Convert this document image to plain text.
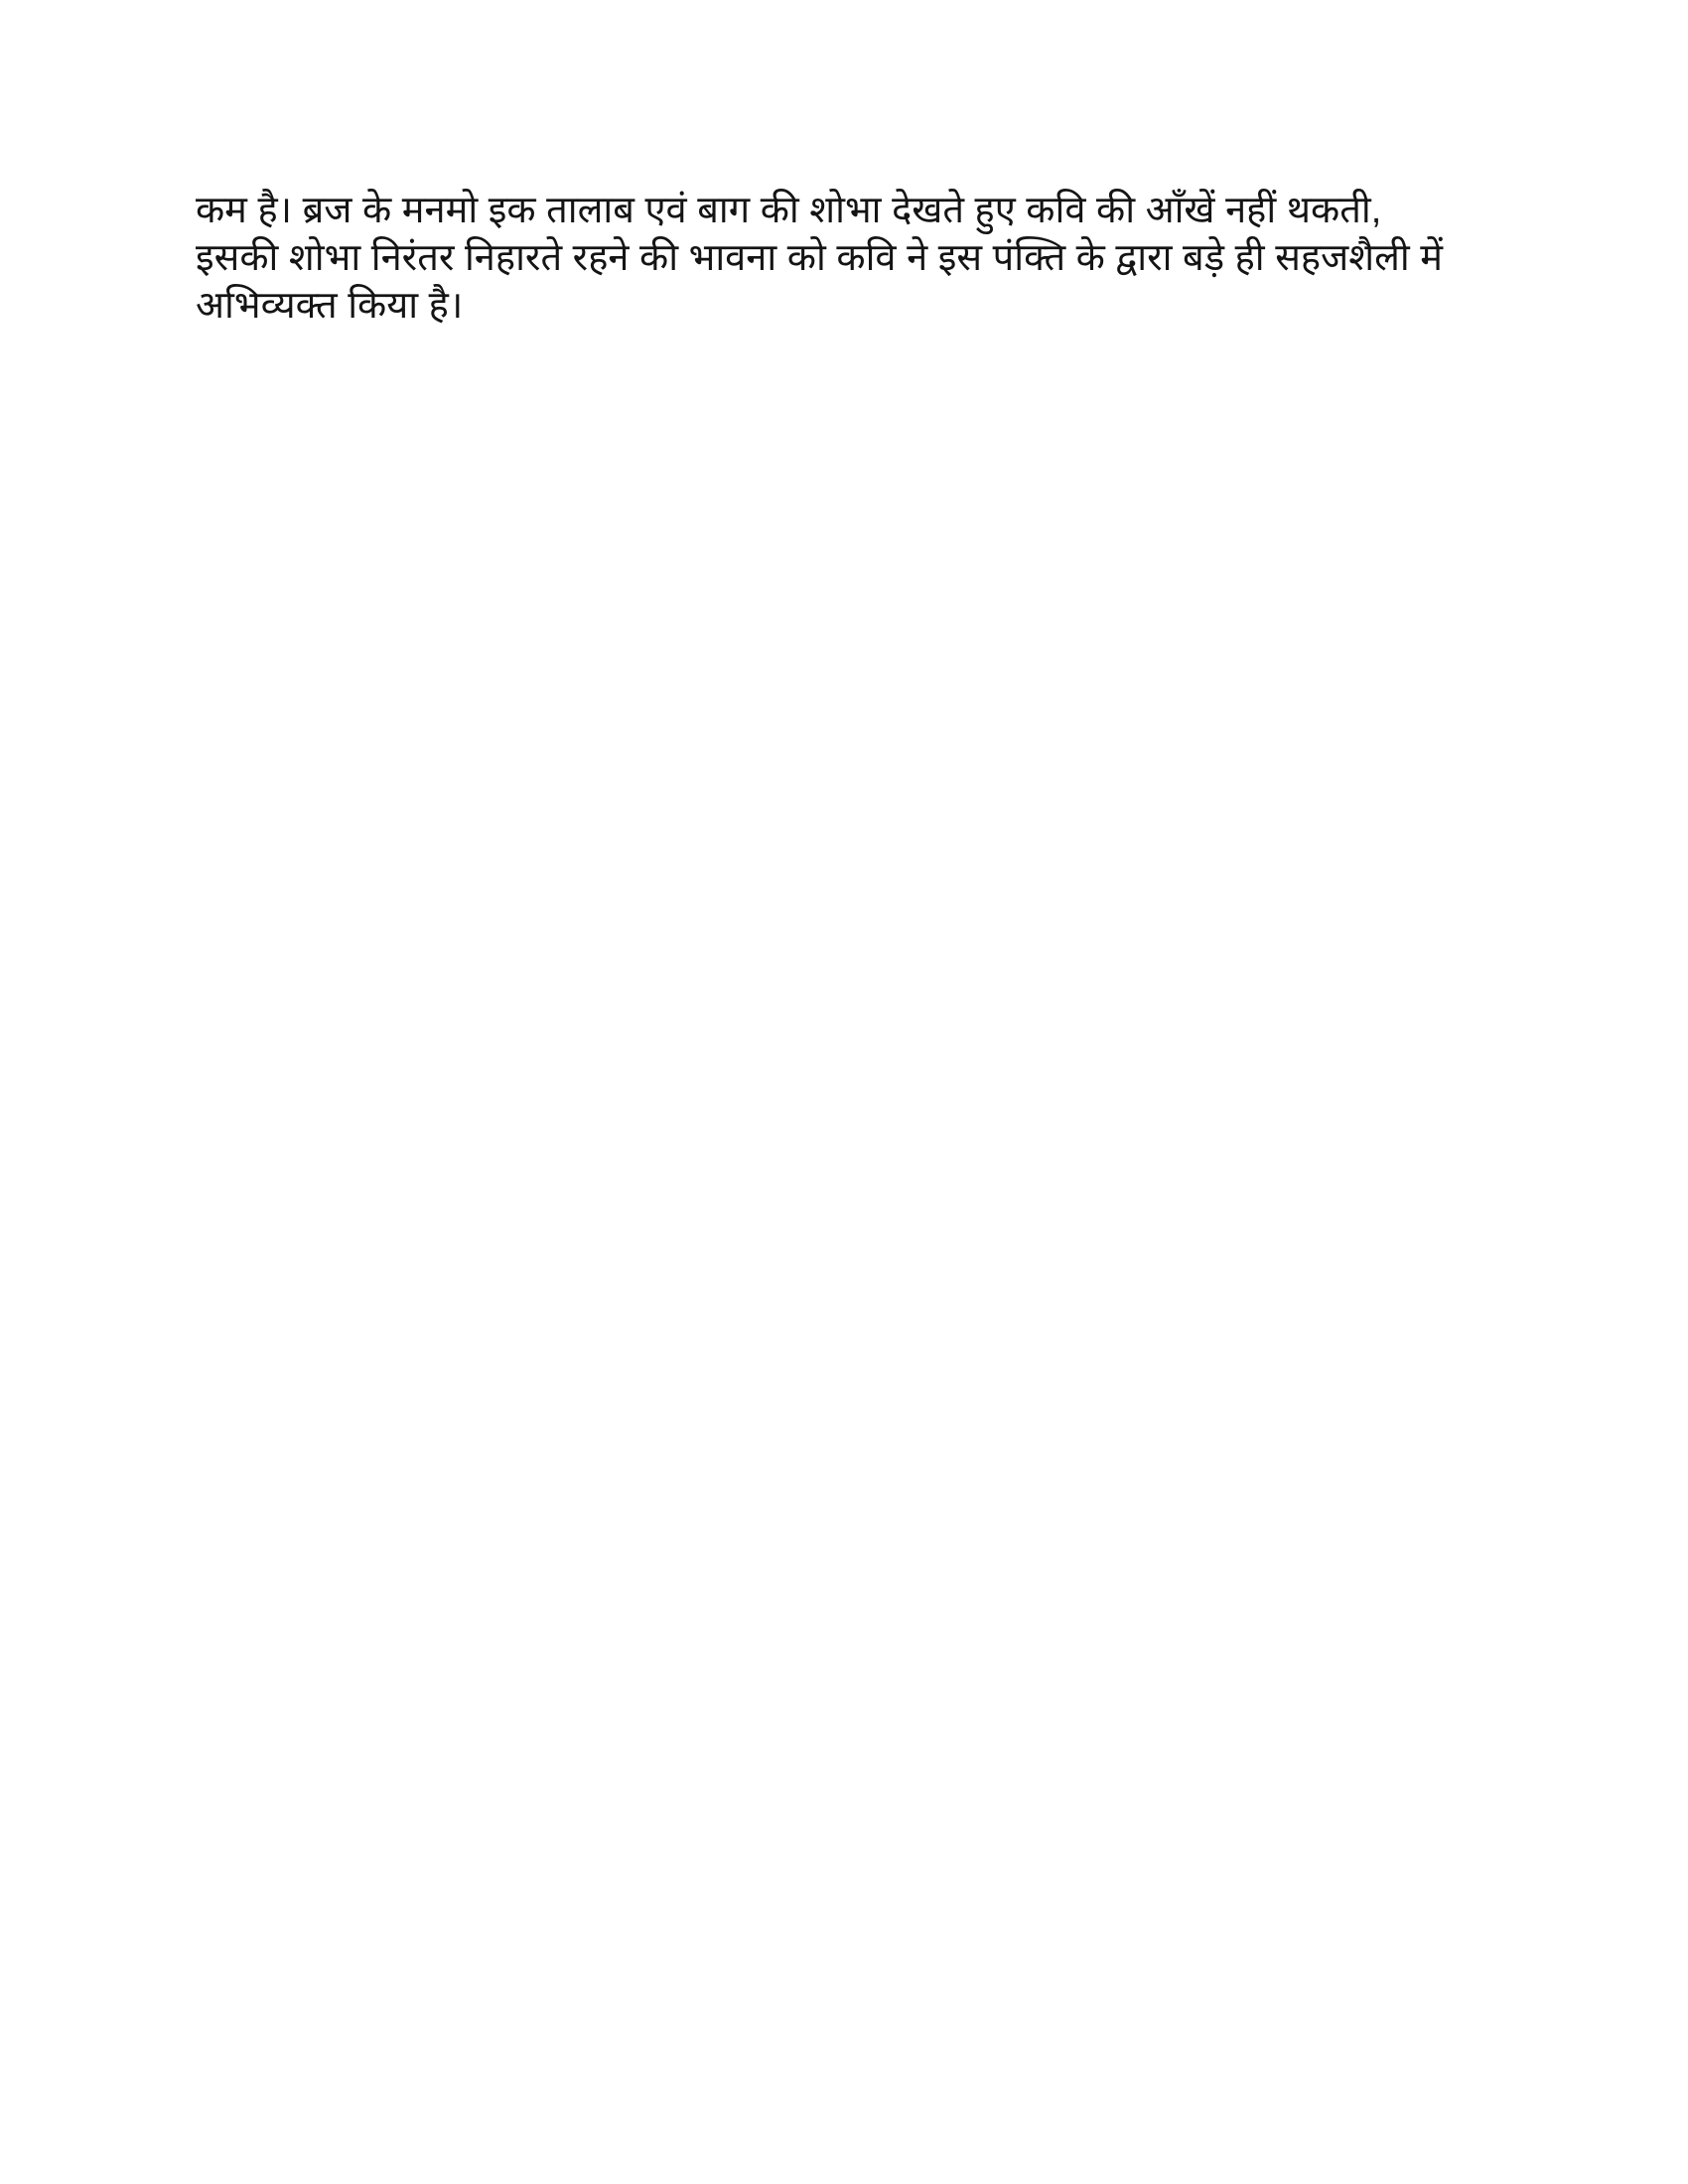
कम है। ब्रज के मनमो इक तालाब एवं बाग की शोभा देखते हुए कवि की आँखें नहीं थकती,
इसकी शोभा निरंतर निहारते रहने की भावना को कवि ने इस पंक्ति के द्वारा बड़े ही सहजशैली में
अभिव्यक्त किया है।
